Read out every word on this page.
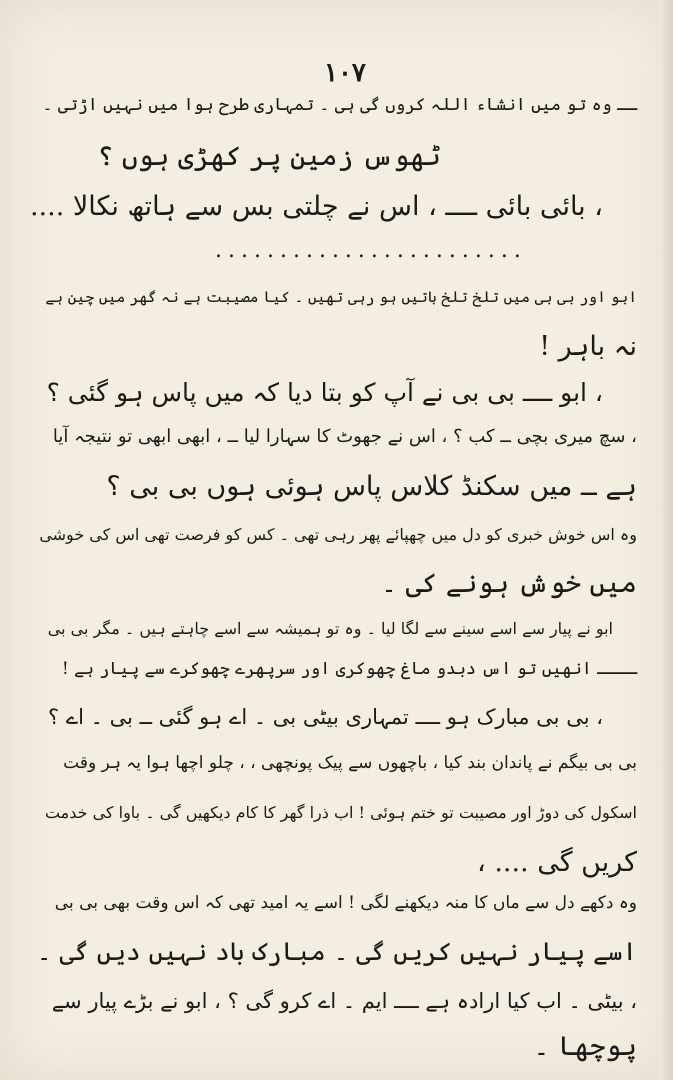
۱۰۷
ــ وہ تو میں انشاء اللہ کروں گی ہی ۔ تمہاری طرح ہوا میں نہیں اڑتی ۔
ٹھوس زمین پر کھڑی ہوں ؟
، بائی بائی ــــ ، اس نے چلتی بس سے ہاتھ نکالا ....
........................
ابو اور بی بی میں تلخ تلخ باتیں ہو رہی تھیں ۔ کیا مصیبت ہے نہ گھر میں چین ہے
نہ باہر !
، ابو ــــ بی بی نے آپ کو بتا دیا کہ میں پاس ہو گئی ؟
، سچ میری بچی ــ کب ؟ ، اس نے جھوٹ کا سہارا لیا ــ ، ابھی ابھی تو نتیجہ آیا
ہے ــ میں سکنڈ کلاس پاس ہوئی ہوں بی بی ؟
وہ اس خوش خبری کو دل میں چھپائے پھر رہی تھی ۔ کس کو فرصت تھی اس کی خوشی
میں خوش ہونے کی ۔
ابو نے پیار سے اسے سینے سے لگا لیا ۔ وہ تو ہمیشہ سے اسے چاہتے ہیں ۔ مگر بی بی
ــــ انھیں تو اس دبدو ماغ چھوکری اور سرپھرے چھوکرے سے پیار ہے !
، بی بی مبارک ہو ــــ تمہاری بیٹی بی ۔ اے ہو گئی ــ بی ۔ اے ؟
بی بی بیگم نے پاندان بند کیا ، باچھوں سے پیک پونچھی ، ، چلو اچھا ہوا یہ ہر وقت
اسکول کی دوڑ اور مصیبت تو ختم ہوئی ! اب ذرا گھر کا کام دیکھیں گی ۔ باوا کی خدمت
کریں گی .... ،
وہ دکھے دل سے ماں کا منہ دیکھنے لگی ! اسے یہ امید تھی کہ اس وقت بھی بی بی
اسے پیار نہیں کریں گی ۔ مبارک باد نہیں دیں گی ۔
، بیٹی ۔ اب کیا ارادہ ہے ــــ ایم ۔ اے کرو گی ؟ ، ابو نے بڑے پیار سے
پوچھا ۔
